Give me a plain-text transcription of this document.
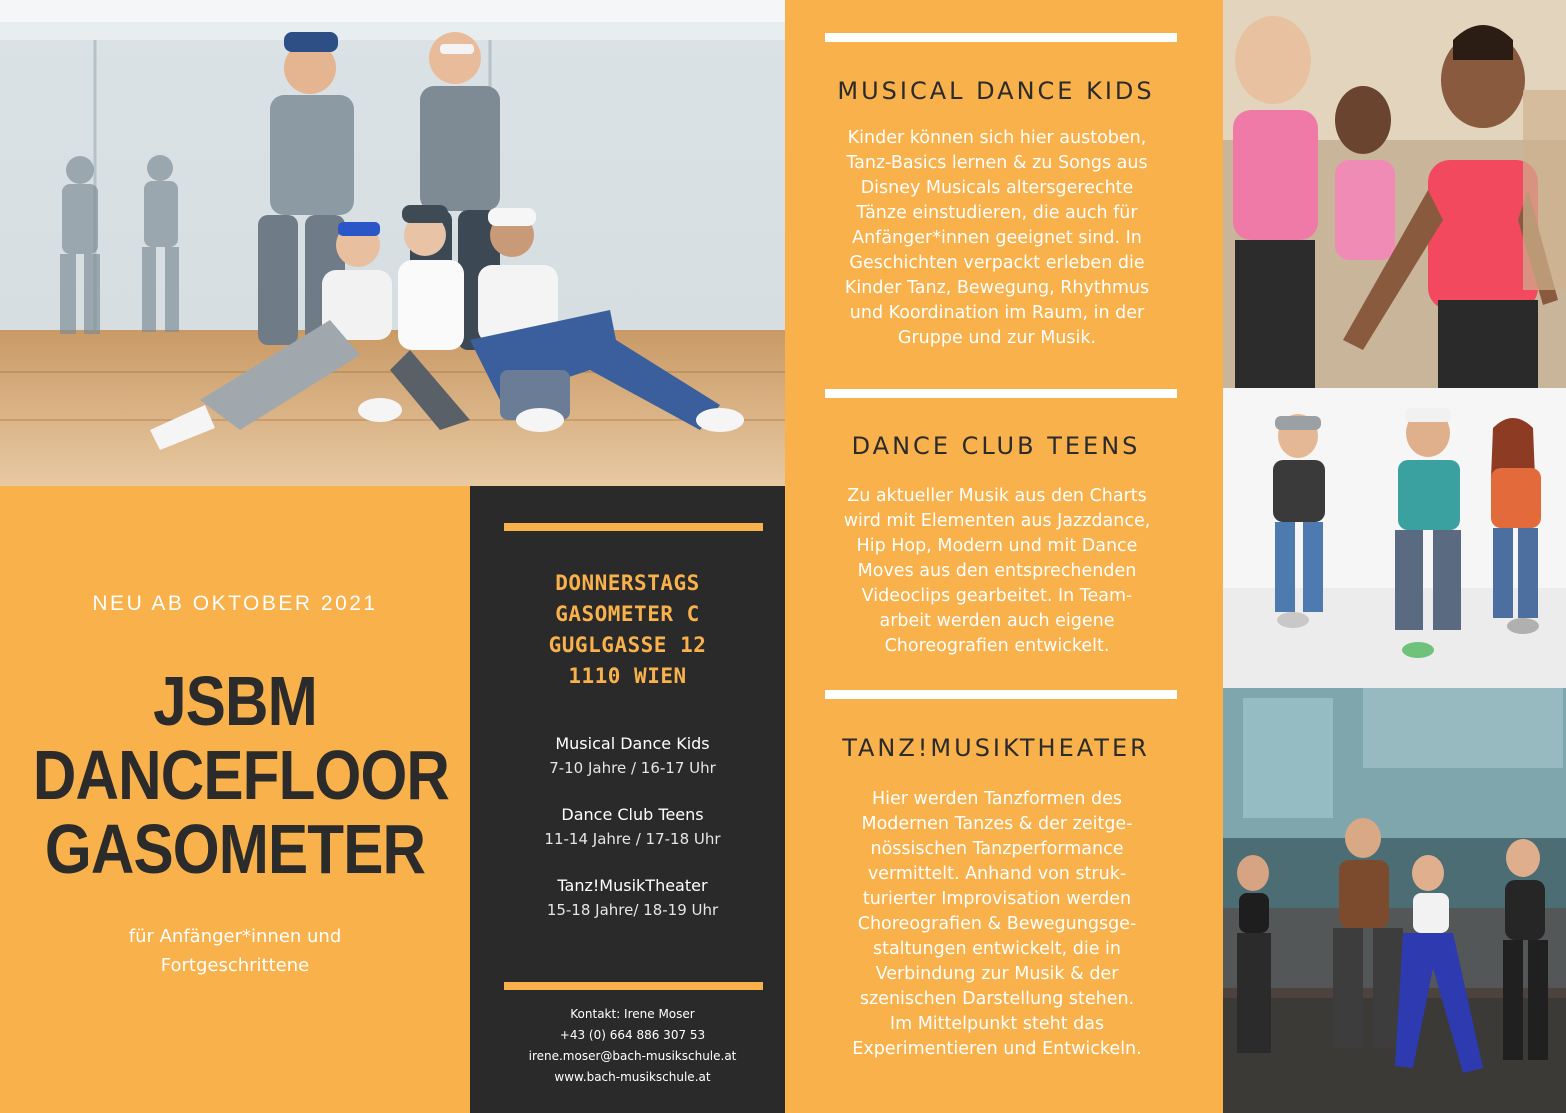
NEU AB OKTOBER 2021
JSBM
DANCEFLOOR
GASOMETER
für Anfänger*innen und
Fortgeschrittene
DONNERSTAGS
GASOMETER C
GUGLGASSE 12
1110 WIEN
Musical Dance Kids
7-10 Jahre / 16-17 Uhr
Dance Club Teens
11-14 Jahre / 17-18 Uhr
Tanz!MusikTheater
15-18 Jahre/ 18-19 Uhr
Kontakt: Irene Moser
+43 (0) 664 886 307 53
irene.moser@bach-musikschule.at
www.bach-musikschule.at
MUSICAL DANCE KIDS
Kinder können sich hier austoben,
Tanz-Basics lernen & zu Songs aus
Disney Musicals altersgerechte
Tänze einstudieren, die auch für
Anfänger*innen geeignet sind. In
Geschichten verpackt erleben die
Kinder Tanz, Bewegung, Rhythmus
und Koordination im Raum, in der
Gruppe und zur Musik.
DANCE CLUB TEENS
Zu aktueller Musik aus den Charts
wird mit Elementen aus Jazzdance,
Hip Hop, Modern und mit Dance
Moves aus den entsprechenden
Videoclips gearbeitet. In Team-
arbeit werden auch eigene
Choreografien entwickelt.
TANZ!MUSIKTHEATER
Hier werden Tanzformen des
Modernen Tanzes & der zeitge-
nössischen Tanzperformance
vermittelt. Anhand von struk-
turierter Improvisation werden
Choreografien & Bewegungsge-
staltungen entwickelt, die in
Verbindung zur Musik & der
szenischen Darstellung stehen.
Im Mittelpunkt steht das
Experimentieren und Entwickeln.
